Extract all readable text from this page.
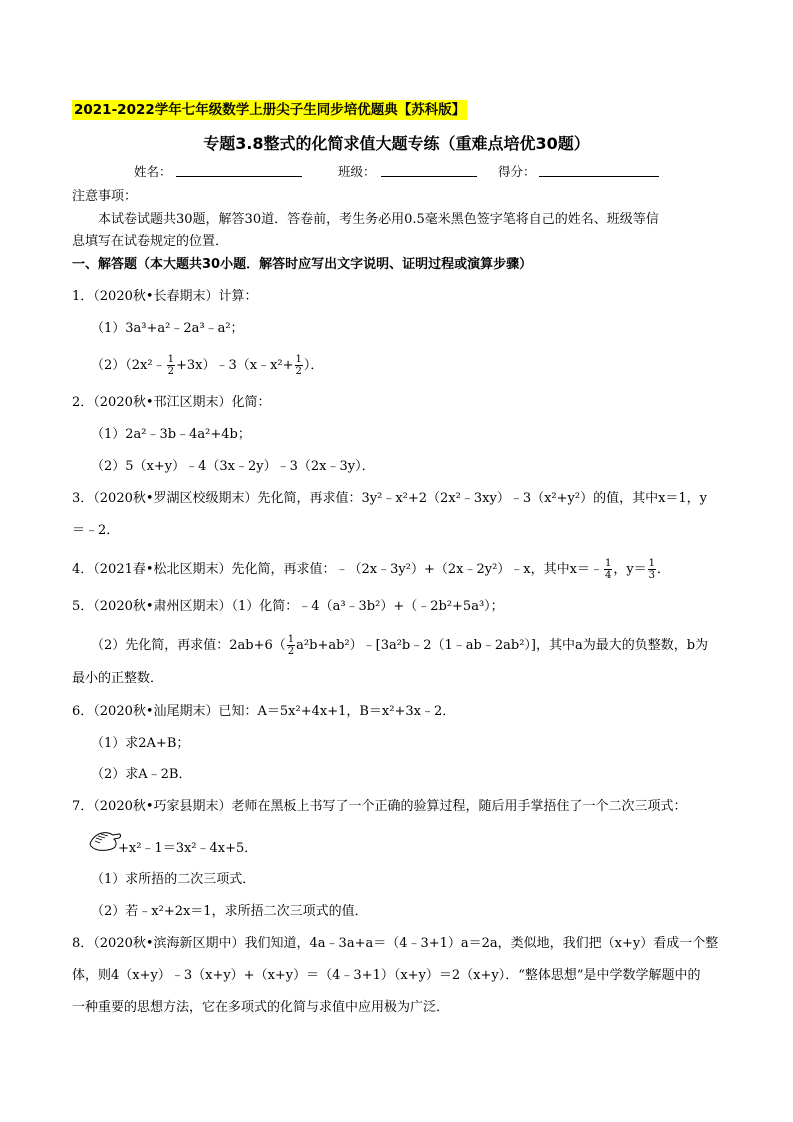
2021-2022学年七年级数学上册尖子生同步培优题典【苏科版】
专题3.8整式的化简求值大题专练（重难点培优30题）
姓名：	班级：	得分：
注意事项：
本试卷试题共30题，解答30道．答卷前，考生务必用0.5毫米黑色签字笔将自己的姓名、班级等信
息填写在试卷规定的位置．
一、解答题（本大题共30小题．解答时应写出文字说明、证明过程或演算步骤）
1．（2020秋•长春期末）计算：
（1）3a³+a²﹣2a³﹣a²；
（2）（2x²﹣ $\frac{1}{2}$ +3x）﹣3（x﹣x²+ $\frac{1}{2}$ ）．
2．（2020秋•邗江区期末）化简：
（1）2a²﹣3b﹣4a²+4b；
（2）5（x+y）﹣4（3x﹣2y）﹣3（2x﹣3y）．
3．（2020秋•罗湖区校级期末）先化简，再求值：3y²﹣x²+2（2x²﹣3xy）﹣3（x²+y²）的值，其中x＝1，y
＝﹣2．
4．（2021春•松北区期末）先化简，再求值：﹣（2x﹣3y²）+（2x﹣2y²）﹣x，其中x＝﹣ $\frac{1}{4}$ ，$y= \frac{1}{3}$ ．
5．（2020秋•肃州区期末）（1）化简：﹣4（a³﹣3b²）+（﹣2b²+5a³）；
（2）先化简，再求值：$2ab+6( \frac{1}{2}$ a²b+ab²）﹣[3a²b﹣2（1﹣ab﹣2ab²）]，其中a为最大的负整数，b为
最小的正整数．
6．（2020秋•汕尾期末）已知：A＝5x²+4x+1，B＝x²+3x﹣2．
（1）求2A+B；
（2）求A﹣2B．
7．（2020秋•巧家县期末）老师在黑板上书写了一个正确的验算过程，随后用手掌捂住了一个二次三项式：
+x²﹣1＝3x²﹣4x+5．
（1）求所捂的二次三项式．
（2）若﹣x²+2x＝1，求所捂二次三项式的值．
8．（2020秋•滨海新区期中）我们知道，4a﹣3a+a＝（4﹣3+1）a＝2a，类似地，我们把（x+y）看成一个整
体，则4（x+y）﹣3（x+y）+（x+y）＝（4﹣3+1）（x+y）＝2（x+y）．“整体思想”是中学数学解题中的
一种重要的思想方法，它在多项式的化简与求值中应用极为广泛．
